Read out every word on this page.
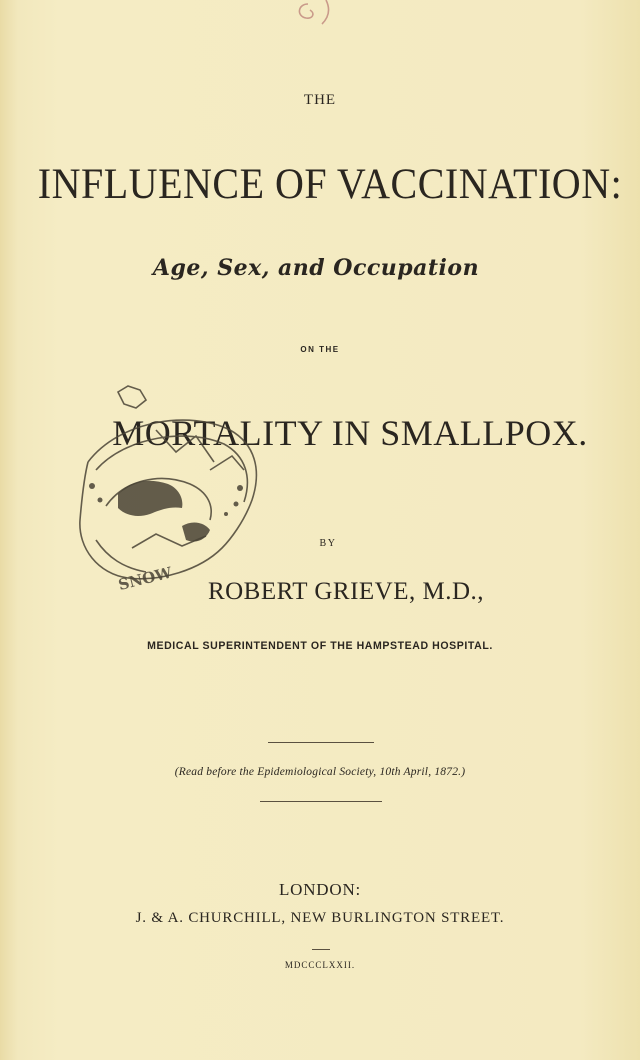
THE
INFLUENCE OF VACCINATION:
Age, Sex, and Occupation
ON THE
MORTALITY IN SMALLPOX.
BY
ROBERT GRIEVE, M.D.,
MEDICAL SUPERINTENDENT OF THE HAMPSTEAD HOSPITAL.
(Read before the Epidemiological Society, 10th April, 1872.)
LONDON:
J. & A. CHURCHILL, NEW BURLINGTON STREET.
MDCCCLXXII.
SNOW
